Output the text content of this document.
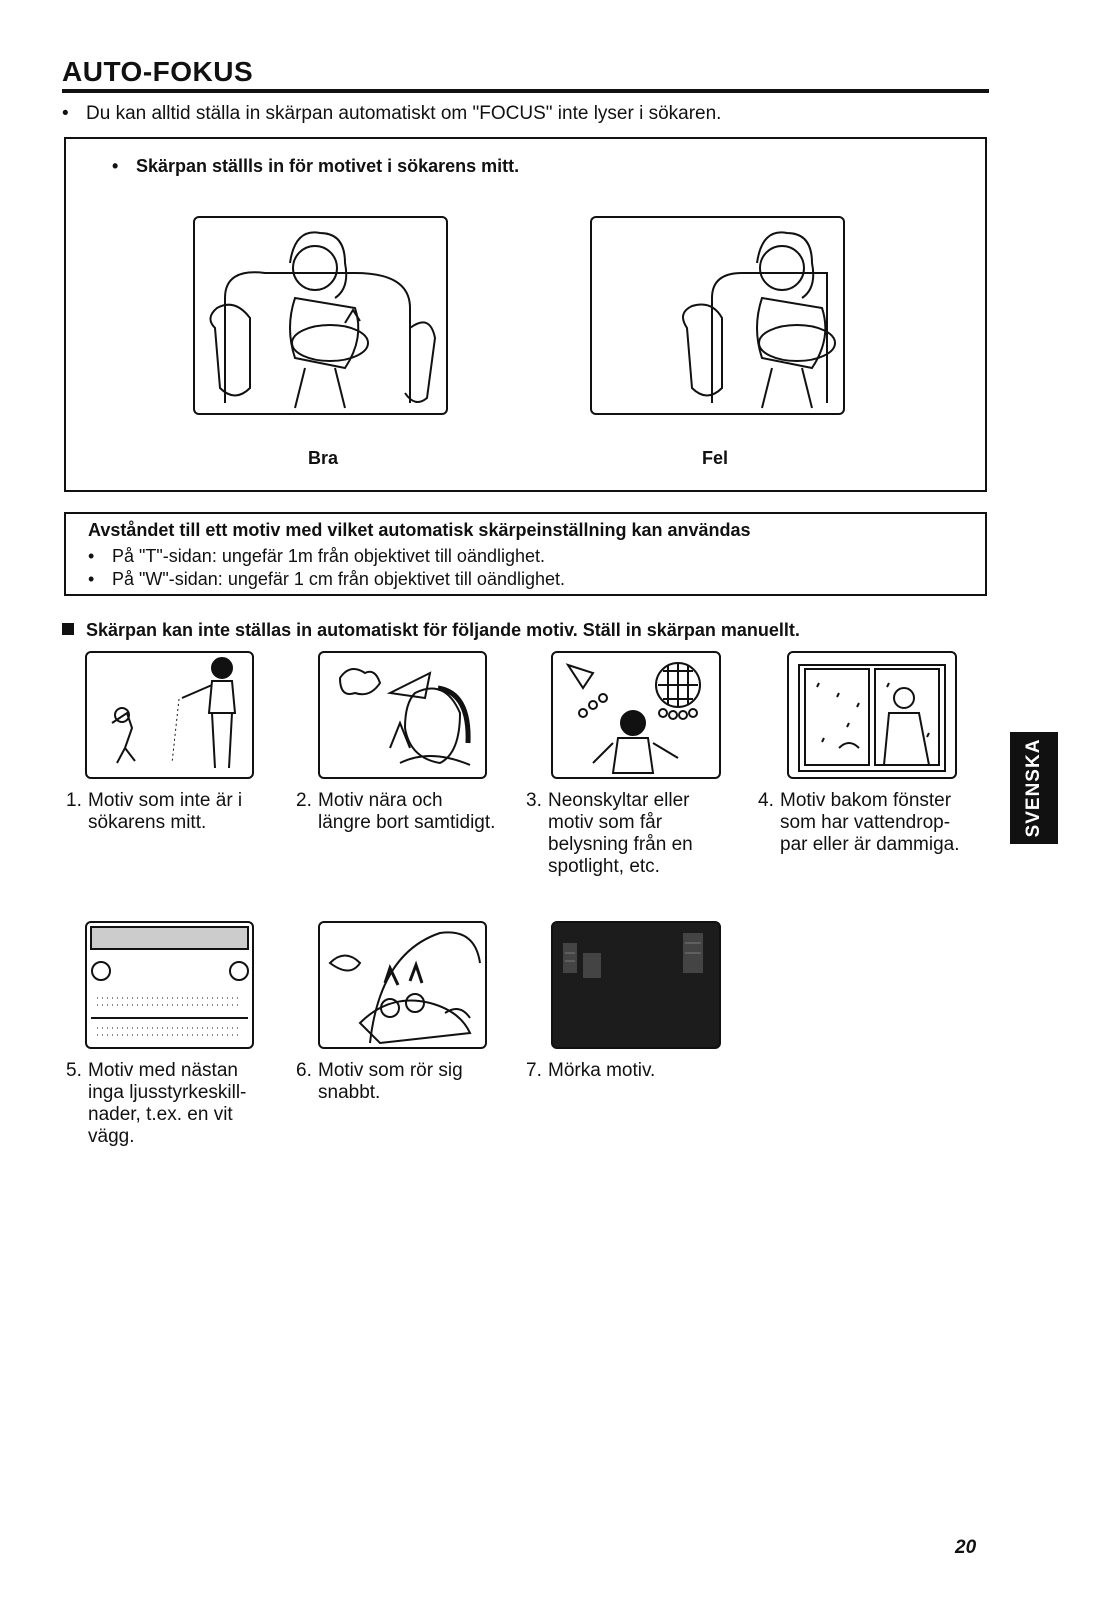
AUTO-FOKUS
• Du kan alltid ställa in skärpan automatiskt om "FOCUS" inte lyser i sökaren.
• Skärpan ställls in för motivet i sökarens mitt.
Bra	Fel
Avståndet till ett motiv med vilket automatisk skärpeinställning kan användas
• På "T"-sidan: ungefär 1m från objektivet till oändlighet.
• På "W"-sidan: ungefär 1 cm från objektivet till oändlighet.
Skärpan kan inte ställas in automatiskt för följande motiv. Ställ in skärpan manuellt.
1. Motiv som inte är i
sökarens mitt.
2. Motiv nära och
längre bort samtidigt.
3. Neonskyltar eller
motiv som får
belysning från en
spotlight, etc.
4. Motiv bakom fönster
som har vattendrop-
par eller är dammiga.
5. Motiv med nästan
inga ljusstyrkeskill-
nader, t.ex. en vit
vägg.
6. Motiv som rör sig
snabbt.
7. Mörka motiv.
SVENSKA
20
